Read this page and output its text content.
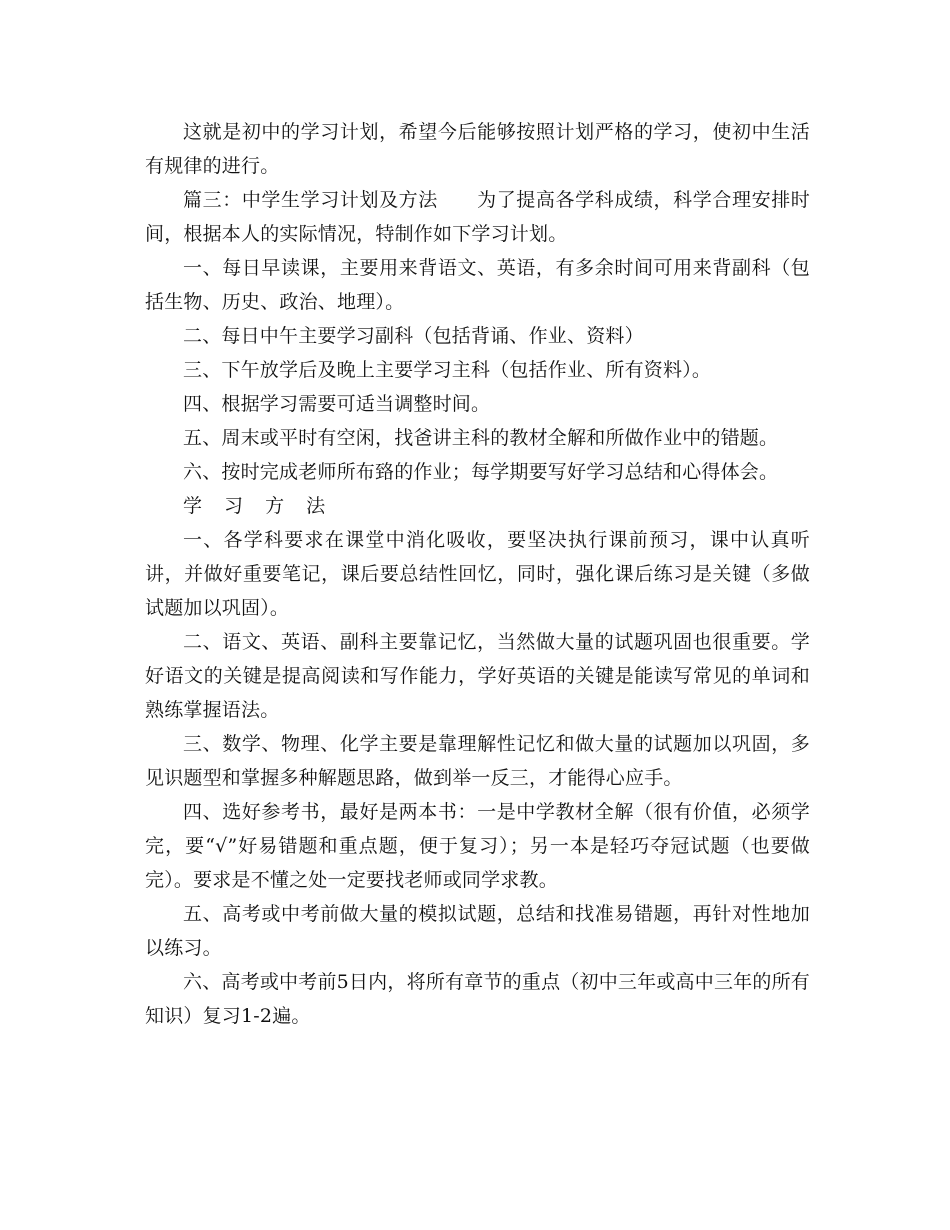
这就是初中的学习计划，希望今后能够按照计划严格的学习，使初中生活有规律的进行。

篇三：中学生学习计划及方法　　为了提高各学科成绩，科学合理安排时间，根据本人的实际情况，特制作如下学习计划。

一、每日早读课，主要用来背语文、英语，有多余时间可用来背副科（包括生物、历史、政治、地理）。

二、每日中午主要学习副科（包括背诵、作业、资料）

三、下午放学后及晚上主要学习主科（包括作业、所有资料）。

四、根据学习需要可适当调整时间。

五、周末或平时有空闲，找爸讲主科的教材全解和所做作业中的错题。

六、按时完成老师所布臵的作业；每学期要写好学习总结和心得体会。

学 习 方 法

一、各学科要求在课堂中消化吸收，要坚决执行课前预习，课中认真听讲，并做好重要笔记，课后要总结性回忆，同时，强化课后练习是关键（多做试题加以巩固）。

二、语文、英语、副科主要靠记忆，当然做大量的试题巩固也很重要。学好语文的关键是提高阅读和写作能力，学好英语的关键是能读写常见的单词和熟练掌握语法。

三、数学、物理、化学主要是靠理解性记忆和做大量的试题加以巩固，多见识题型和掌握多种解题思路，做到举一反三，才能得心应手。

四、选好参考书，最好是两本书：一是中学教材全解（很有价值，必须学完，要“√”好易错题和重点题，便于复习）；另一本是轻巧夺冠试题（也要做完）。要求是不懂之处一定要找老师或同学求教。

五、高考或中考前做大量的模拟试题，总结和找准易错题，再针对性地加以练习。

六、高考或中考前5日内，将所有章节的重点（初中三年或高中三年的所有知识）复习1-2遍。
